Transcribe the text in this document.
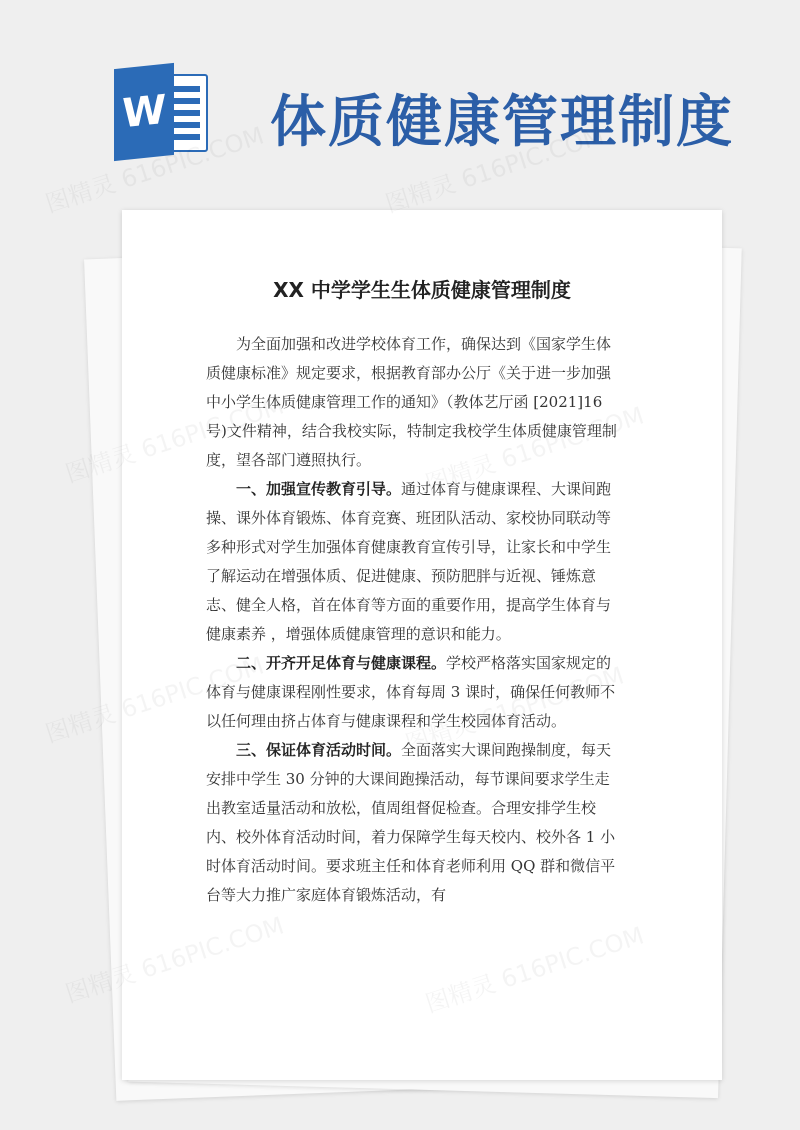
W 体质健康管理制度
XX 中学学生生体质健康管理制度

为全面加强和改进学校体育工作，确保达到《国家学生体质健康标准》规定要求，根据教育部办公厅《关于进一步加强中小学生体质健康管理工作的通知》（教体艺厅函 [2021]16 号)文件精神，结合我校实际，特制定我校学生体质健康管理制度，望各部门遵照执行。

一、加强宣传教育引导。通过体育与健康课程、大课间跑操、课外体育锻炼、体育竞赛、班团队活动、家校协同联动等多种形式对学生加强体育健康教育宣传引导，让家长和中学生了解运动在增强体质、促进健康、预防肥胖与近视、锤炼意志、健全人格，首在体育等方面的重要作用，提高学生体育与健康素养 ，增强体质健康管理的意识和能力。

二、开齐开足体育与健康课程。学校严格落实国家规定的体育与健康课程刚性要求，体育每周 3 课时，确保任何教师不以任何理由挤占体育与健康课程和学生校园体育活动。

三、保证体育活动时间。全面落实大课间跑操制度，每天安排中学生 30 分钟的大课间跑操活动，每节课间要求学生走出教室适量活动和放松，值周组督促检查。合理安排学生校内、校外体育活动时间，着力保障学生每天校内、校外各 1 小时体育活动时间。要求班主任和体育老师利用 QQ 群和微信平台等大力推广家庭体育锻炼活动，有
